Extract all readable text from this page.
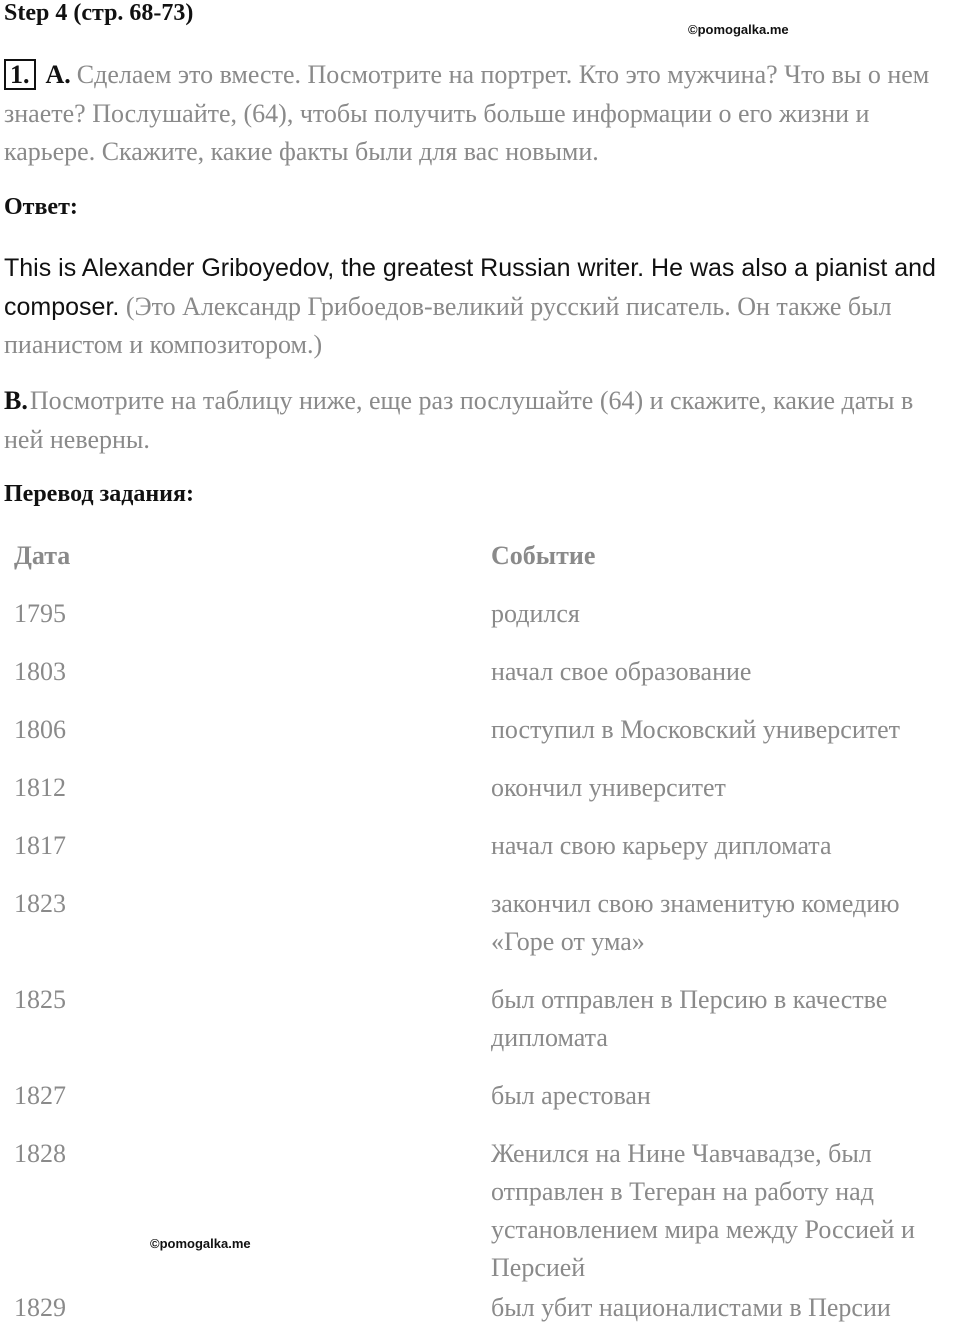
Step 4 (стр. 68-73)
©pomogalka.me
1. A. Сделаем это вместе. Посмотрите на портрет. Кто это мужчина? Что вы о нем знаете? Послушайте, (64), чтобы получить больше информации о его жизни и карьере. Скажите, какие факты были для вас новыми.
Ответ:
This is Alexander Griboyedov, the greatest Russian writer. He was also a pianist and composer. (Это Александр Грибоедов-великий русский писатель. Он также был пианистом и композитором.)
B.Посмотрите на таблицу ниже, еще раз послушайте (64) и скажите, какие даты в ней неверны.
Перевод задания:
Дата	Событие
1795	родился
1803	начал свое образование
1806	поступил в Московский университет
1812	окончил университет
1817	начал свою карьеру дипломата
1823	закончил свою знаменитую комедию «Горе от ума»
1825	был отправлен в Персию в качестве дипломата
1827	был арестован
1828	Женился на Нине Чавчавадзе, был отправлен в Тегеран на работу над установлением мира между Россией и Персией
1829	был убит националистами в Персии
©pomogalka.me
